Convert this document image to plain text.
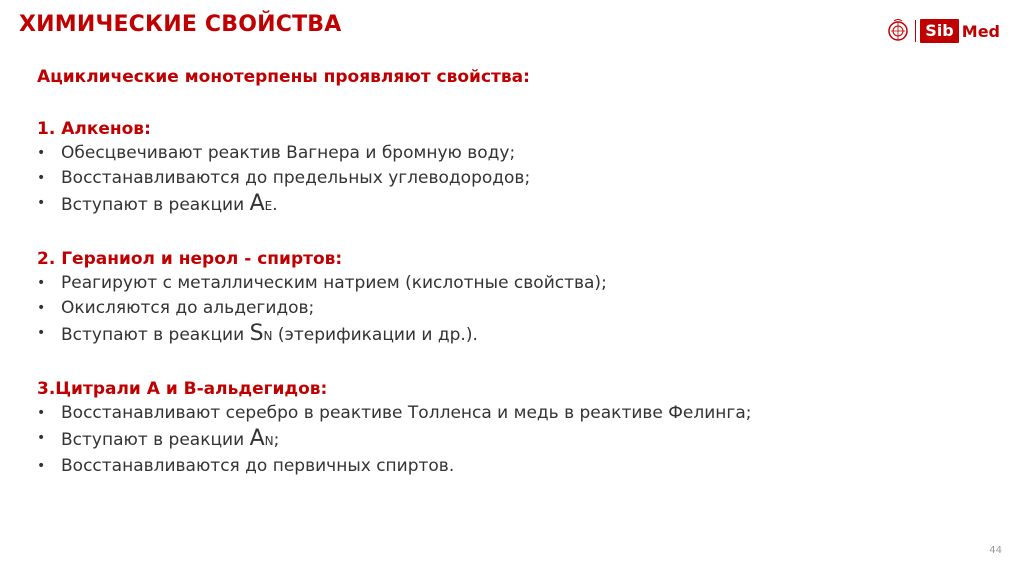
ХИМИЧЕСКИЕ СВОЙСТВА	Sib Med

Ациклические монотерпены проявляют свойства:

1. Алкенов:

• Обесцвечивают реактив Вагнера и бромную воду;
• Восстанавливаются до предельных углеводородов;
• Вступают в реакции AE.

2. Гераниол и нерол - спиртов:

• Реагируют с металлическим натрием (кислотные свойства);
• Окисляются до альдегидов;
• Вступают в реакции SN (этерификации и др.).

3.Цитрали А и В-альдегидов:

• Восстанавливают серебро в реактиве Толленса и медь в реактиве Фелинга;
• Вступают в реакции AN;
• Восстанавливаются до первичных спиртов.
44
